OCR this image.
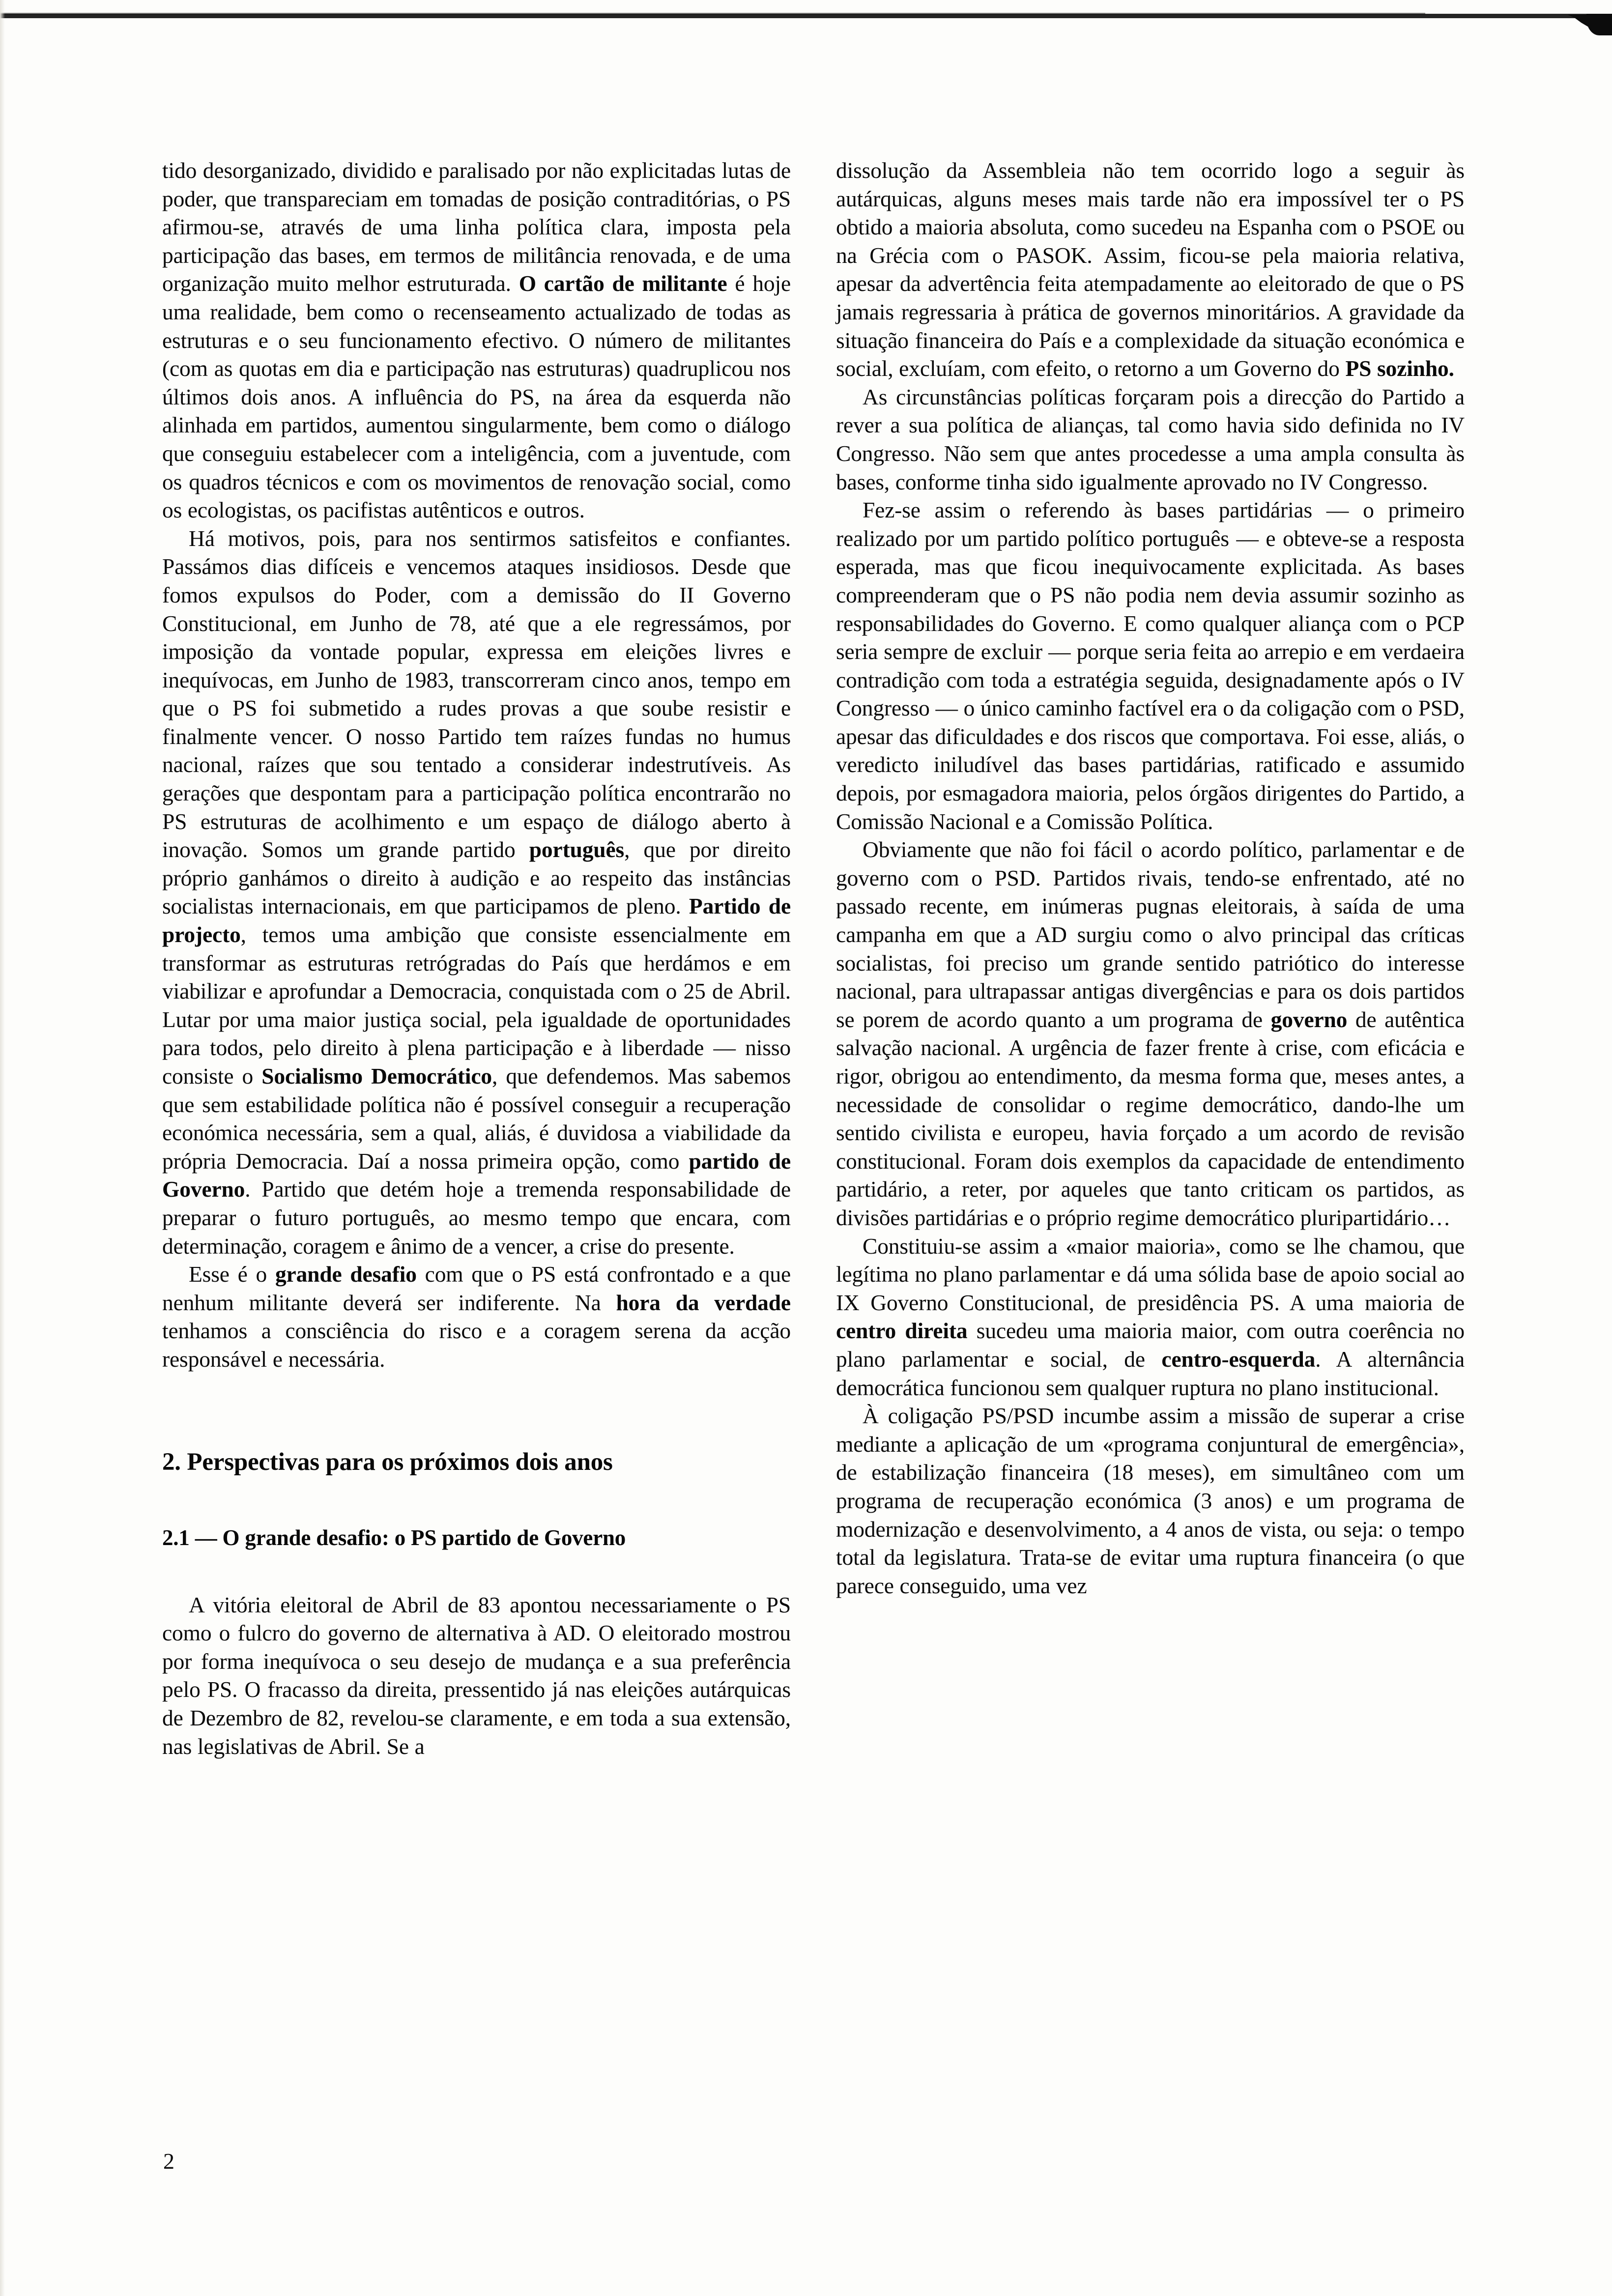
tido desorganizado, dividido e paralisado por não explicitadas lutas de poder, que transpareciam em tomadas de posição contraditórias, o PS afirmou-se, através de uma linha política clara, imposta pela participação das bases, em termos de militância renovada, e de uma organização muito melhor estruturada. O cartão de militante é hoje uma realidade, bem como o recenseamento actualizado de todas as estruturas e o seu funcionamento efectivo. O número de militantes (com as quotas em dia e participação nas estruturas) quadruplicou nos últimos dois anos. A influência do PS, na área da esquerda não alinhada em partidos, aumentou singularmente, bem como o diálogo que conseguiu estabelecer com a inteligência, com a juventude, com os quadros técnicos e com os movimentos de renovação social, como os ecologistas, os pacifistas autênticos e outros.

Há motivos, pois, para nos sentirmos satisfeitos e confiantes. Passámos dias difíceis e vencemos ataques insidiosos. Desde que fomos expulsos do Poder, com a demissão do II Governo Constitucional, em Junho de 78, até que a ele regressámos, por imposição da vontade popular, expressa em eleições livres e inequívocas, em Junho de 1983, transcorreram cinco anos, tempo em que o PS foi submetido a rudes provas a que soube resistir e finalmente vencer. O nosso Partido tem raízes fundas no humus nacional, raízes que sou tentado a considerar indestrutíveis. As gerações que despontam para a participação política encontrarão no PS estruturas de acolhimento e um espaço de diálogo aberto à inovação. Somos um grande partido português, que por direito próprio ganhámos o direito à audição e ao respeito das instâncias socialistas internacionais, em que participamos de pleno. Partido de projecto, temos uma ambição que consiste essencialmente em transformar as estruturas retrógradas do País que herdámos e em viabilizar e aprofundar a Democracia, conquistada com o 25 de Abril. Lutar por uma maior justiça social, pela igualdade de oportunidades para todos, pelo direito à plena participação e à liberdade — nisso consiste o Socialismo Democrático, que defendemos. Mas sabemos que sem estabilidade política não é possível conseguir a recuperação económica necessária, sem a qual, aliás, é duvidosa a viabilidade da própria Democracia. Daí a nossa primeira opção, como partido de Governo. Partido que detém hoje a tremenda responsabilidade de preparar o futuro português, ao mesmo tempo que encara, com determinação, coragem e ânimo de a vencer, a crise do presente.

Esse é o grande desafio com que o PS está confrontado e a que nenhum militante deverá ser indiferente. Na hora da verdade tenhamos a consciência do risco e a coragem serena da acção responsável e necessária.

2. Perspectivas para os próximos dois anos
2.1 — O grande desafio: o PS partido de Governo

A vitória eleitoral de Abril de 83 apontou necessariamente o PS como o fulcro do governo de alternativa à AD. O eleitorado mostrou por forma inequívoca o seu desejo de mudança e a sua preferência pelo PS. O fracasso da direita, pressentido já nas eleições autárquicas de Dezembro de 82, revelou-se claramente, e em toda a sua extensão, nas legislativas de Abril. Se a

dissolução da Assembleia não tem ocorrido logo a seguir às autárquicas, alguns meses mais tarde não era impossível ter o PS obtido a maioria absoluta, como sucedeu na Espanha com o PSOE ou na Grécia com o PASOK. Assim, ficou-se pela maioria relativa, apesar da advertência feita atempadamente ao eleitorado de que o PS jamais regressaria à prática de governos minoritários. A gravidade da situação financeira do País e a complexidade da situação económica e social, excluíam, com efeito, o retorno a um Governo do PS sozinho.

As circunstâncias políticas forçaram pois a direcção do Partido a rever a sua política de alianças, tal como havia sido definida no IV Congresso. Não sem que antes procedesse a uma ampla consulta às bases, conforme tinha sido igualmente aprovado no IV Congresso.

Fez-se assim o referendo às bases partidárias — o primeiro realizado por um partido político português — e obteve-se a resposta esperada, mas que ficou inequivocamente explicitada. As bases compreenderam que o PS não podia nem devia assumir sozinho as responsabilidades do Governo. E como qualquer aliança com o PCP seria sempre de excluir — porque seria feita ao arrepio e em verdaeira contradição com toda a estratégia seguida, designadamente após o IV Congresso — o único caminho factível era o da coligação com o PSD, apesar das dificuldades e dos riscos que comportava. Foi esse, aliás, o veredicto iniludível das bases partidárias, ratificado e assumido depois, por esmagadora maioria, pelos órgãos dirigentes do Partido, a Comissão Nacional e a Comissão Política.

Obviamente que não foi fácil o acordo político, parlamentar e de governo com o PSD. Partidos rivais, tendo-se enfrentado, até no passado recente, em inúmeras pugnas eleitorais, à saída de uma campanha em que a AD surgiu como o alvo principal das críticas socialistas, foi preciso um grande sentido patriótico do interesse nacional, para ultrapassar antigas divergências e para os dois partidos se porem de acordo quanto a um programa de governo de autêntica salvação nacional. A urgência de fazer frente à crise, com eficácia e rigor, obrigou ao entendimento, da mesma forma que, meses antes, a necessidade de consolidar o regime democrático, dando-lhe um sentido civilista e europeu, havia forçado a um acordo de revisão constitucional. Foram dois exemplos da capacidade de entendimento partidário, a reter, por aqueles que tanto criticam os partidos, as divisões partidárias e o próprio regime democrático pluripartidário…

Constituiu-se assim a «maior maioria», como se lhe chamou, que legítima no plano parlamentar e dá uma sólida base de apoio social ao IX Governo Constitucional, de presidência PS. A uma maioria de centro direita sucedeu uma maioria maior, com outra coerência no plano parlamentar e social, de centro-esquerda. A alternância democrática funcionou sem qualquer ruptura no plano institucional.

À coligação PS/PSD incumbe assim a missão de superar a crise mediante a aplicação de um «programa conjuntural de emergência», de estabilização financeira (18 meses), em simultâneo com um programa de recuperação económica (3 anos) e um programa de modernização e desenvolvimento, a 4 anos de vista, ou seja: o tempo total da legislatura. Trata-se de evitar uma ruptura financeira (o que parece conseguido, uma vez

2
